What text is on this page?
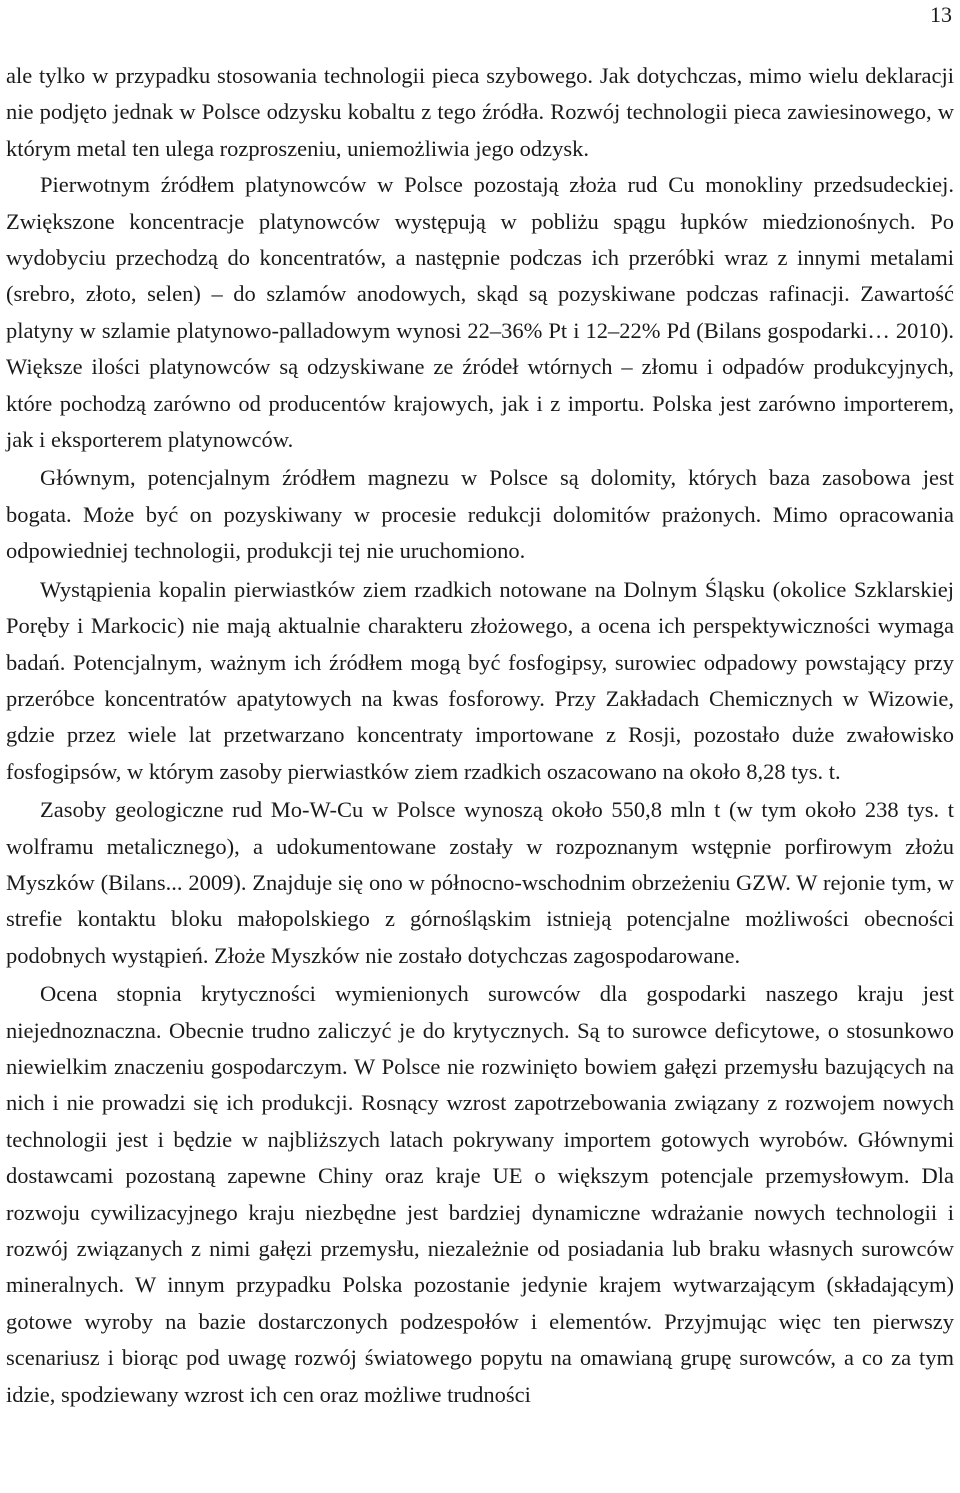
13

ale tylko w przypadku stosowania technologii pieca szybowego. Jak dotychczas, mimo wielu deklaracji nie podjęto jednak w Polsce odzysku kobaltu z tego źródła. Rozwój technologii pieca zawiesinowego, w którym metal ten ulega rozproszeniu, uniemożliwia jego odzysk.

Pierwotnym źródłem platynowców w Polsce pozostają złoża rud Cu monokliny przedsudeckiej. Zwiększone koncentracje platynowców występują w pobliżu spągu łupków miedzionośnych. Po wydobyciu przechodzą do koncentratów, a następnie podczas ich przeróbki wraz z innymi metalami (srebro, złoto, selen) – do szlamów anodowych, skąd są pozyskiwane podczas rafinacji. Zawartość platyny w szlamie platynowo-palladowym wynosi 22–36% Pt i 12–22% Pd (Bilans gospodarki… 2010). Większe ilości platynowców są odzyskiwane ze źródeł wtórnych – złomu i odpadów produkcyjnych, które pochodzą zarówno od producentów krajowych, jak i z importu. Polska jest zarówno importerem, jak i eksporterem platynowców.

Głównym, potencjalnym źródłem magnezu w Polsce są dolomity, których baza zasobowa jest bogata. Może być on pozyskiwany w procesie redukcji dolomitów prażonych. Mimo opracowania odpowiedniej technologii, produkcji tej nie uruchomiono.

Wystąpienia kopalin pierwiastków ziem rzadkich notowane na Dolnym Śląsku (okolice Szklarskiej Poręby i Markocic) nie mają aktualnie charakteru złożowego, a ocena ich perspektywiczności wymaga badań. Potencjalnym, ważnym ich źródłem mogą być fosfogipsy, surowiec odpadowy powstający przy przeróbce koncentratów apatytowych na kwas fosforowy. Przy Zakładach Chemicznych w Wizowie, gdzie przez wiele lat przetwarzano koncentraty importowane z Rosji, pozostało duże zwałowisko fosfogipsów, w którym zasoby pierwiastków ziem rzadkich oszacowano na około 8,28 tys. t.

Zasoby geologiczne rud Mo-W-Cu w Polsce wynoszą około 550,8 mln t (w tym około 238 tys. t wolframu metalicznego), a udokumentowane zostały w rozpoznanym wstępnie porfirowym złożu Myszków (Bilans... 2009). Znajduje się ono w północno-wschodnim obrzeżeniu GZW. W rejonie tym, w strefie kontaktu bloku małopolskiego z górnośląskim istnieją potencjalne możliwości obecności podobnych wystąpień. Złoże Myszków nie zostało dotychczas zagospodarowane.

Ocena stopnia krytyczności wymienionych surowców dla gospodarki naszego kraju jest niejednoznaczna. Obecnie trudno zaliczyć je do krytycznych. Są to surowce deficytowe, o stosunkowo niewielkim znaczeniu gospodarczym. W Polsce nie rozwinięto bowiem gałęzi przemysłu bazujących na nich i nie prowadzi się ich produkcji. Rosnący wzrost zapotrzebowania związany z rozwojem nowych technologii jest i będzie w najbliższych latach pokrywany importem gotowych wyrobów. Głównymi dostawcami pozostaną zapewne Chiny oraz kraje UE o większym potencjale przemysłowym. Dla rozwoju cywilizacyjnego kraju niezbędne jest bardziej dynamiczne wdrażanie nowych technologii i rozwój związanych z nimi gałęzi przemysłu, niezależnie od posiadania lub braku własnych surowców mineralnych. W innym przypadku Polska pozostanie jedynie krajem wytwarzającym (składającym) gotowe wyroby na bazie dostarczonych podzespołów i elementów. Przyjmując więc ten pierwszy scenariusz i biorąc pod uwagę rozwój światowego popytu na omawianą grupę surowców, a co za tym idzie, spodziewany wzrost ich cen oraz możliwe trudności
